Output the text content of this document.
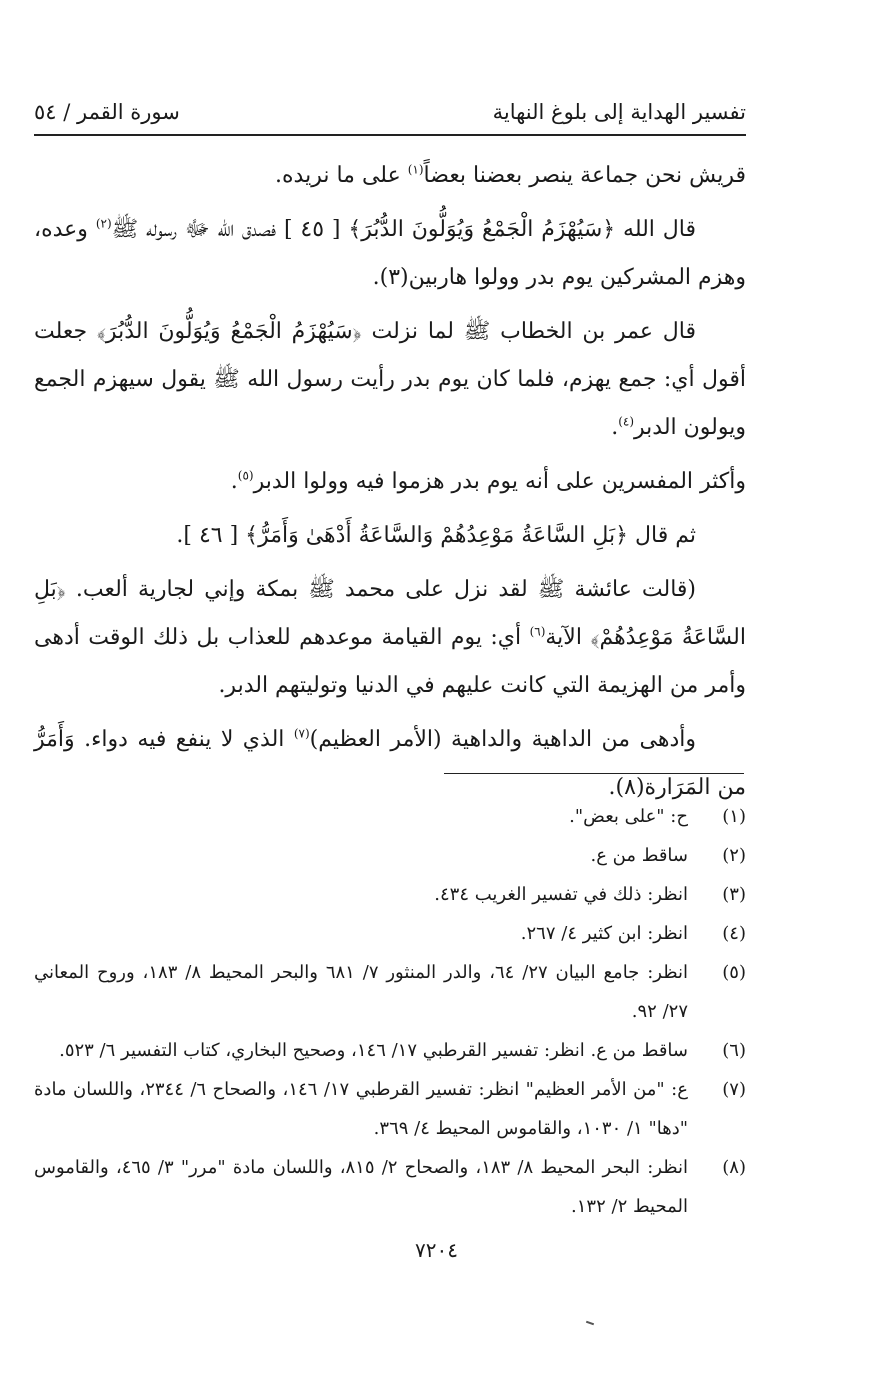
تفسير الهداية إلى بلوغ النهاية
سورة القمر / ٥٤

قريش نحن جماعة ينصر بعضنا بعضاً$^{(١)}$ على ما نريده.

قال الله ﴿سَيُهْزَمُ الْجَمْعُ وَيُوَلُّونَ الدُّبُرَ﴾ [ ٤٥ ] فصدق الله ﷻ رسوله ﷺ$^{(٢)}$ وعده، وهزم المشركين يوم بدر وولوا هاربين(٣).

قال عمر بن الخطاب ﷺ لما نزلت ﴿سَيُهْزَمُ الْجَمْعُ وَيُوَلُّونَ الدُّبُرَ﴾ جعلت أقول أي: جمع يهزم، فلما كان يوم بدر رأيت رسول الله ﷺ يقول سيهزم الجمع ويولون الدبر$^{(٤)}$.

وأكثر المفسرين على أنه يوم بدر هزموا فيه وولوا الدبر$^{(٥)}$.

ثم قال ﴿بَلِ السَّاعَةُ مَوْعِدُهُمْ وَالسَّاعَةُ أَدْهَىٰ وَأَمَرُّ﴾ [ ٤٦ ].

(قالت عائشة ﷺ لقد نزل على محمد ﷺ بمكة وإني لجارية ألعب. ﴿بَلِ السَّاعَةُ مَوْعِدُهُمْ﴾ الآية$^{(٦)}$ أي: يوم القيامة موعدهم للعذاب بل ذلك الوقت أدهى وأمر من الهزيمة التي كانت عليهم في الدنيا وتوليتهم الدبر.

وأدهى من الداهية والداهية (الأمر العظيم)$^{(٧)}$ الذي لا ينفع فيه دواء. وَأَمَرُّ من المَرَارة(٨).

(١)
ح: "على بعض".
(٢)
ساقط من ع.
(٣)
انظر: ذلك في تفسير الغريب ٤٣٤.
(٤)
انظر: ابن كثير ٤/ ٢٦٧.
(٥)
انظر: جامع البيان ٢٧/ ٦٤، والدر المنثور ٧/ ٦٨١ والبحر المحيط ٨/ ١٨٣، وروح المعاني ٢٧/ ٩٢.
(٦)
ساقط من ع. انظر: تفسير القرطبي ١٧/ ١٤٦، وصحيح البخاري، كتاب التفسير ٦/ ٥٢٣.
(٧)
ع: "من الأمر العظيم" انظر: تفسير القرطبي ١٧/ ١٤٦، والصحاح ٦/ ٢٣٤٤، واللسان مادة "دها" ١/ ١٠٣٠، والقاموس المحيط ٤/ ٣٦٩.
(٨)
انظر: البحر المحيط ٨/ ١٨٣، والصحاح ٢/ ٨١٥، واللسان مادة "مرر" ٣/ ٤٦٥، والقاموس المحيط ٢/ ١٣٢.
٧٢٠٤
